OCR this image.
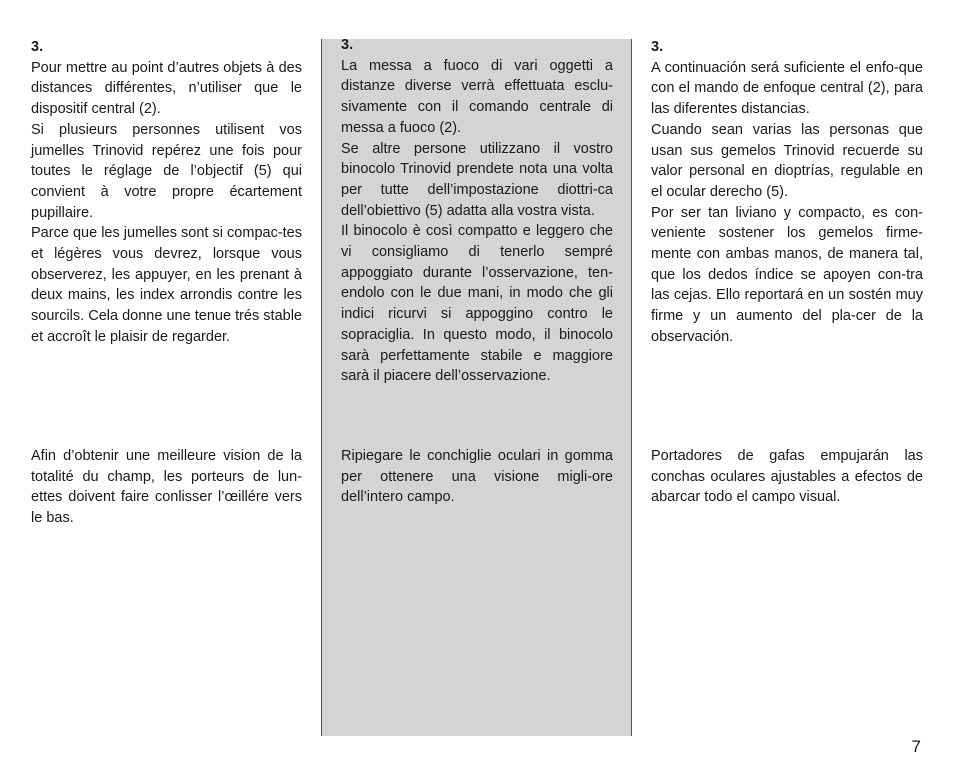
3.

Pour mettre au point d’autres objets à des distances différentes, n’utiliser que le dispositif central (2).

Si plusieurs personnes utilisent vos jumelles Trinovid repérez une fois pour toutes le réglage de l’objectif (5) qui convient à votre propre écartement pupillaire.

Parce que les jumelles sont si compac-tes et légères vous devrez, lorsque vous observerez, les appuyer, en les prenant à deux mains, les index arrondis contre les sourcils. Cela donne une tenue trés stable et accroît le plaisir de regarder.

Afin d’obtenir une meilleure vision de la totalité du champ, les porteurs de lun-ettes doivent faire conlisser l’œillére vers le bas.

3.

La messa a fuoco di vari oggetti a distanze diverse verrà effettuata esclu-sivamente con il comando centrale di messa a fuoco (2).

Se altre persone utilizzano il vostro binocolo Trinovid prendete nota una volta per tutte dell’impostazione diottri-ca dell’obiettivo (5) adatta alla vostra vista.

Il binocolo è così compatto e leggero che vi consigliamo di tenerlo sempré appoggiato durante l’osservazione, ten-endolo con le due mani, in modo che gli indici ricurvi si appoggino contro le sopraciglia. In questo modo, il binocolo sarà perfettamente stabile e maggiore sarà il piacere dell’osservazione.

Ripiegare le conchiglie oculari in gomma per ottenere una visione migli-ore dell’intero campo.

3.

A continuación será suficiente el enfo-que con el mando de enfoque central (2), para las diferentes distancias.

Cuando sean varias las personas que usan sus gemelos Trinovid recuerde su valor personal en dioptrías, regulable en el ocular derecho (5).

Por ser tan liviano y compacto, es con-veniente sostener los gemelos firme-mente con ambas manos, de manera tal, que los dedos índice se apoyen con-tra las cejas. Ello reportará en un sostén muy firme y un aumento del pla-cer de la observación.

Portadores de gafas empujarán las conchas oculares ajustables a efectos de abarcar todo el campo visual.

7
